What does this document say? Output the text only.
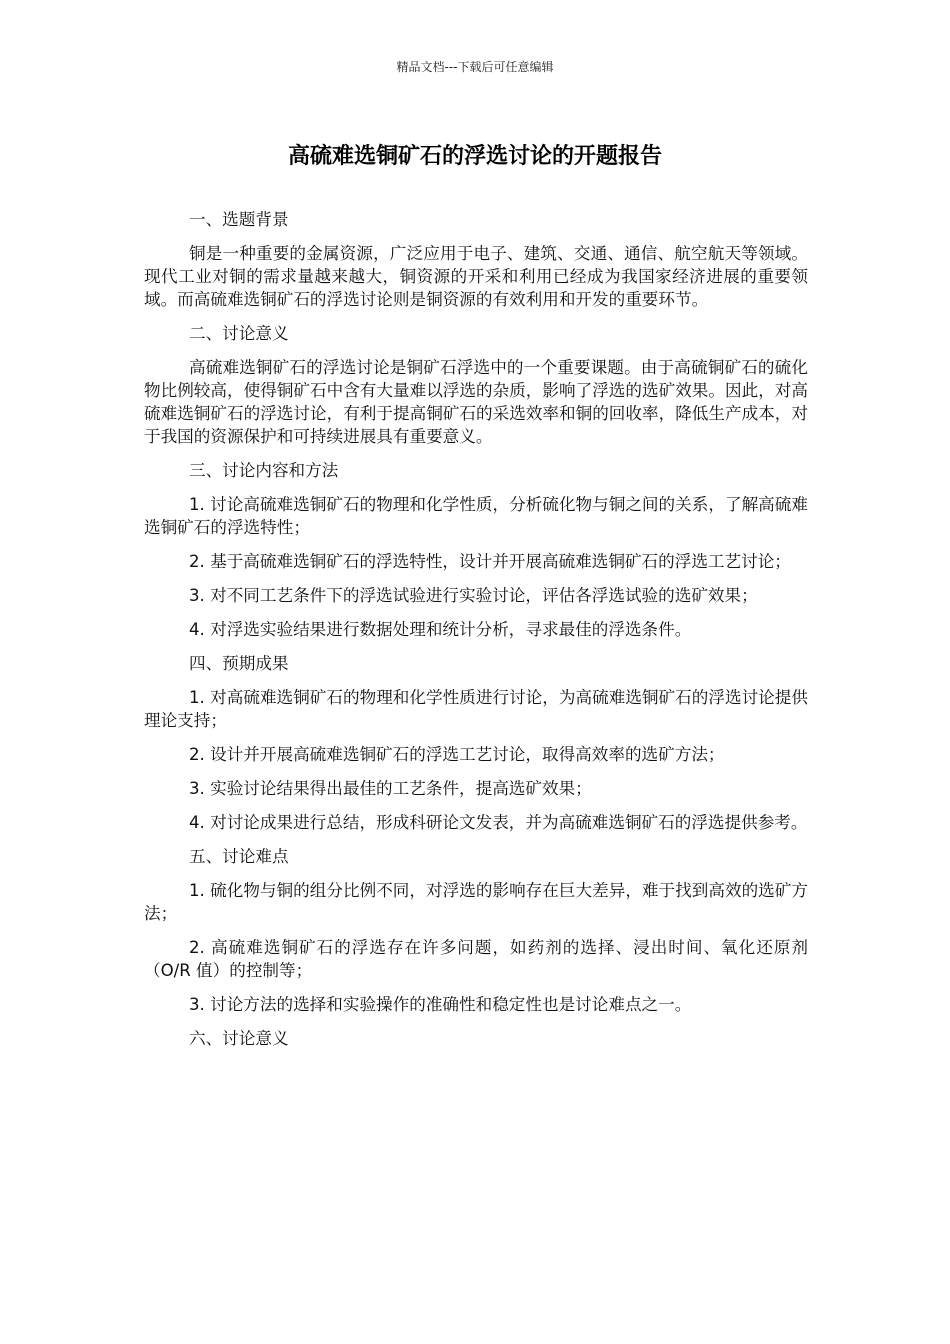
精品文档---下载后可任意编辑
高硫难选铜矿石的浮选讨论的开题报告

一、选题背景

铜是一种重要的金属资源，广泛应用于电子、建筑、交通、通信、航空航天等领域。现代工业对铜的需求量越来越大，铜资源的开采和利用已经成为我国家经济进展的重要领域。而高硫难选铜矿石的浮选讨论则是铜资源的有效利用和开发的重要环节。

二、讨论意义

高硫难选铜矿石的浮选讨论是铜矿石浮选中的一个重要课题。由于高硫铜矿石的硫化物比例较高，使得铜矿石中含有大量难以浮选的杂质，影响了浮选的选矿效果。因此，对高硫难选铜矿石的浮选讨论，有利于提高铜矿石的采选效率和铜的回收率，降低生产成本，对于我国的资源保护和可持续进展具有重要意义。

三、讨论内容和方法

1. 讨论高硫难选铜矿石的物理和化学性质，分析硫化物与铜之间的关系，了解高硫难选铜矿石的浮选特性；

2. 基于高硫难选铜矿石的浮选特性，设计并开展高硫难选铜矿石的浮选工艺讨论；

3. 对不同工艺条件下的浮选试验进行实验讨论，评估各浮选试验的选矿效果；

4. 对浮选实验结果进行数据处理和统计分析，寻求最佳的浮选条件。

四、预期成果

1. 对高硫难选铜矿石的物理和化学性质进行讨论，为高硫难选铜矿石的浮选讨论提供理论支持；

2. 设计并开展高硫难选铜矿石的浮选工艺讨论，取得高效率的选矿方法；

3. 实验讨论结果得出最佳的工艺条件，提高选矿效果；

4. 对讨论成果进行总结，形成科研论文发表，并为高硫难选铜矿石的浮选提供参考。

五、讨论难点

1. 硫化物与铜的组分比例不同，对浮选的影响存在巨大差异，难于找到高效的选矿方法；

2. 高硫难选铜矿石的浮选存在许多问题，如药剂的选择、浸出时间、氧化还原剂（O/R 值）的控制等；

3. 讨论方法的选择和实验操作的准确性和稳定性也是讨论难点之一。

六、讨论意义
